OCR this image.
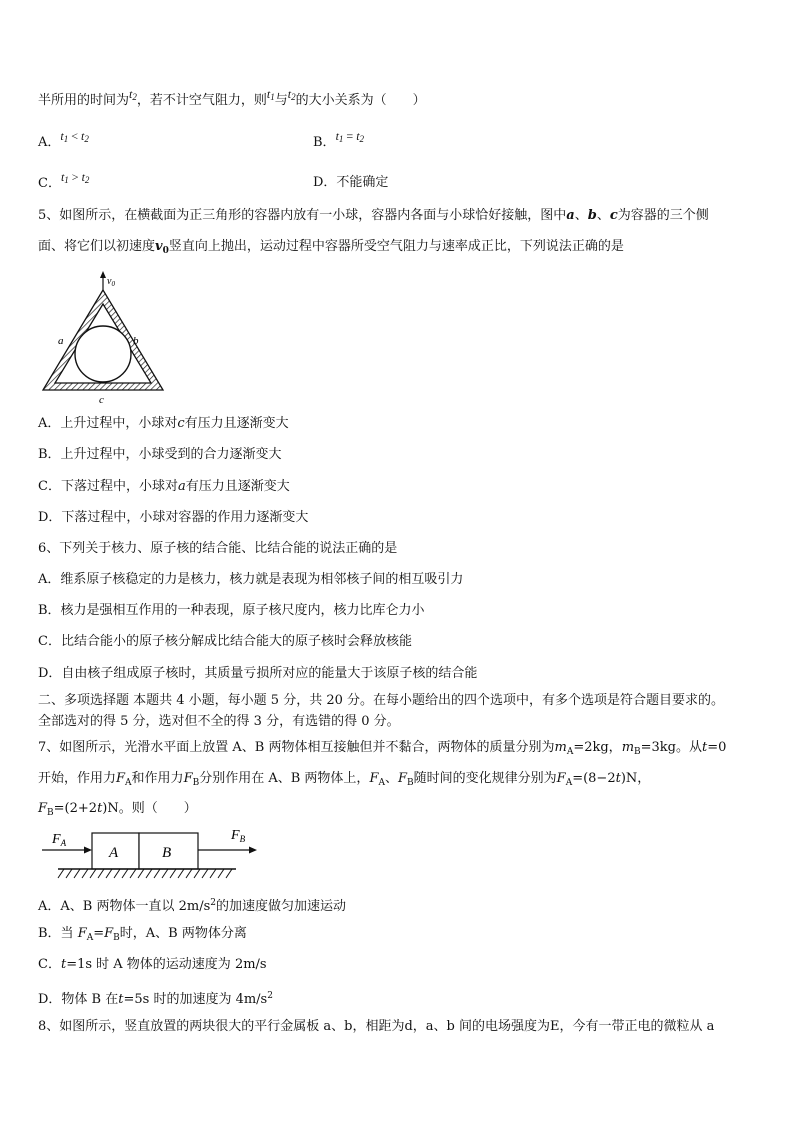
半所用的时间为$t_2$，若不计空气阻力，则$t_1$与$t_2$的大小关系为（　　）
A．$t_1 < t_2$	B．$t_1 = t_2$
C．$t_1 > t_2$	D．不能确定
5、如图所示，在横截面为正三角形的容器内放有一小球，容器内各面与小球恰好接触，图中a、b、c为容器的三个侧
面、将它们以初速度$v_0$竖直向上抛出，运动过程中容器所受空气阻力与速率成正比，下列说法正确的是
$v_0$
a	b
c
A．上升过程中，小球对c有压力且逐渐变大
B．上升过程中，小球受到的合力逐渐变大
C．下落过程中，小球对a有压力且逐渐变大
D．下落过程中，小球对容器的作用力逐渐变大
6、下列关于核力、原子核的结合能、比结合能的说法正确的是
A．维系原子核稳定的力是核力，核力就是表现为相邻核子间的相互吸引力
B．核力是强相互作用的一种表现，原子核尺度内，核力比库仑力小
C．比结合能小的原子核分解成比结合能大的原子核时会释放核能
D．自由核子组成原子核时，其质量亏损所对应的能量大于该原子核的结合能
二、多项选择题 本题共 4 小题，每小题 5 分，共 20 分。在每小题给出的四个选项中，有多个选项是符合题目要求的。
全部选对的得 5 分，选对但不全的得 3 分，有选错的得 0 分。
7、如图所示，光滑水平面上放置 A、B 两物体相互接触但并不黏合，两物体的质量分别为$m_A=2kg$，$m_B=3kg$。从t=0
开始，作用力$F_A$和作用力$F_B$分别作用在 A、B 两物体上，$F_A$、$F_B$随时间的变化规律分别为$F_A=(8-2t)N$，
$F_B=(2+2t)N$。则（　　）
$F_A$
A	B
$F_B$
A．A、B 两物体一直以 $2m/s^2$的加速度做匀加速运动
B．当 $F_A=F_B$时，A、B 两物体分离
C．t=1s 时 A 物体的运动速度为 2m/s
D．物体 B 在t=5s 时的加速度为 $4m/s^2$
8、如图所示，竖直放置的两块很大的平行金属板 a、b，相距为d，a、b 间的电场强度为E，今有一带正电的微粒从 a
